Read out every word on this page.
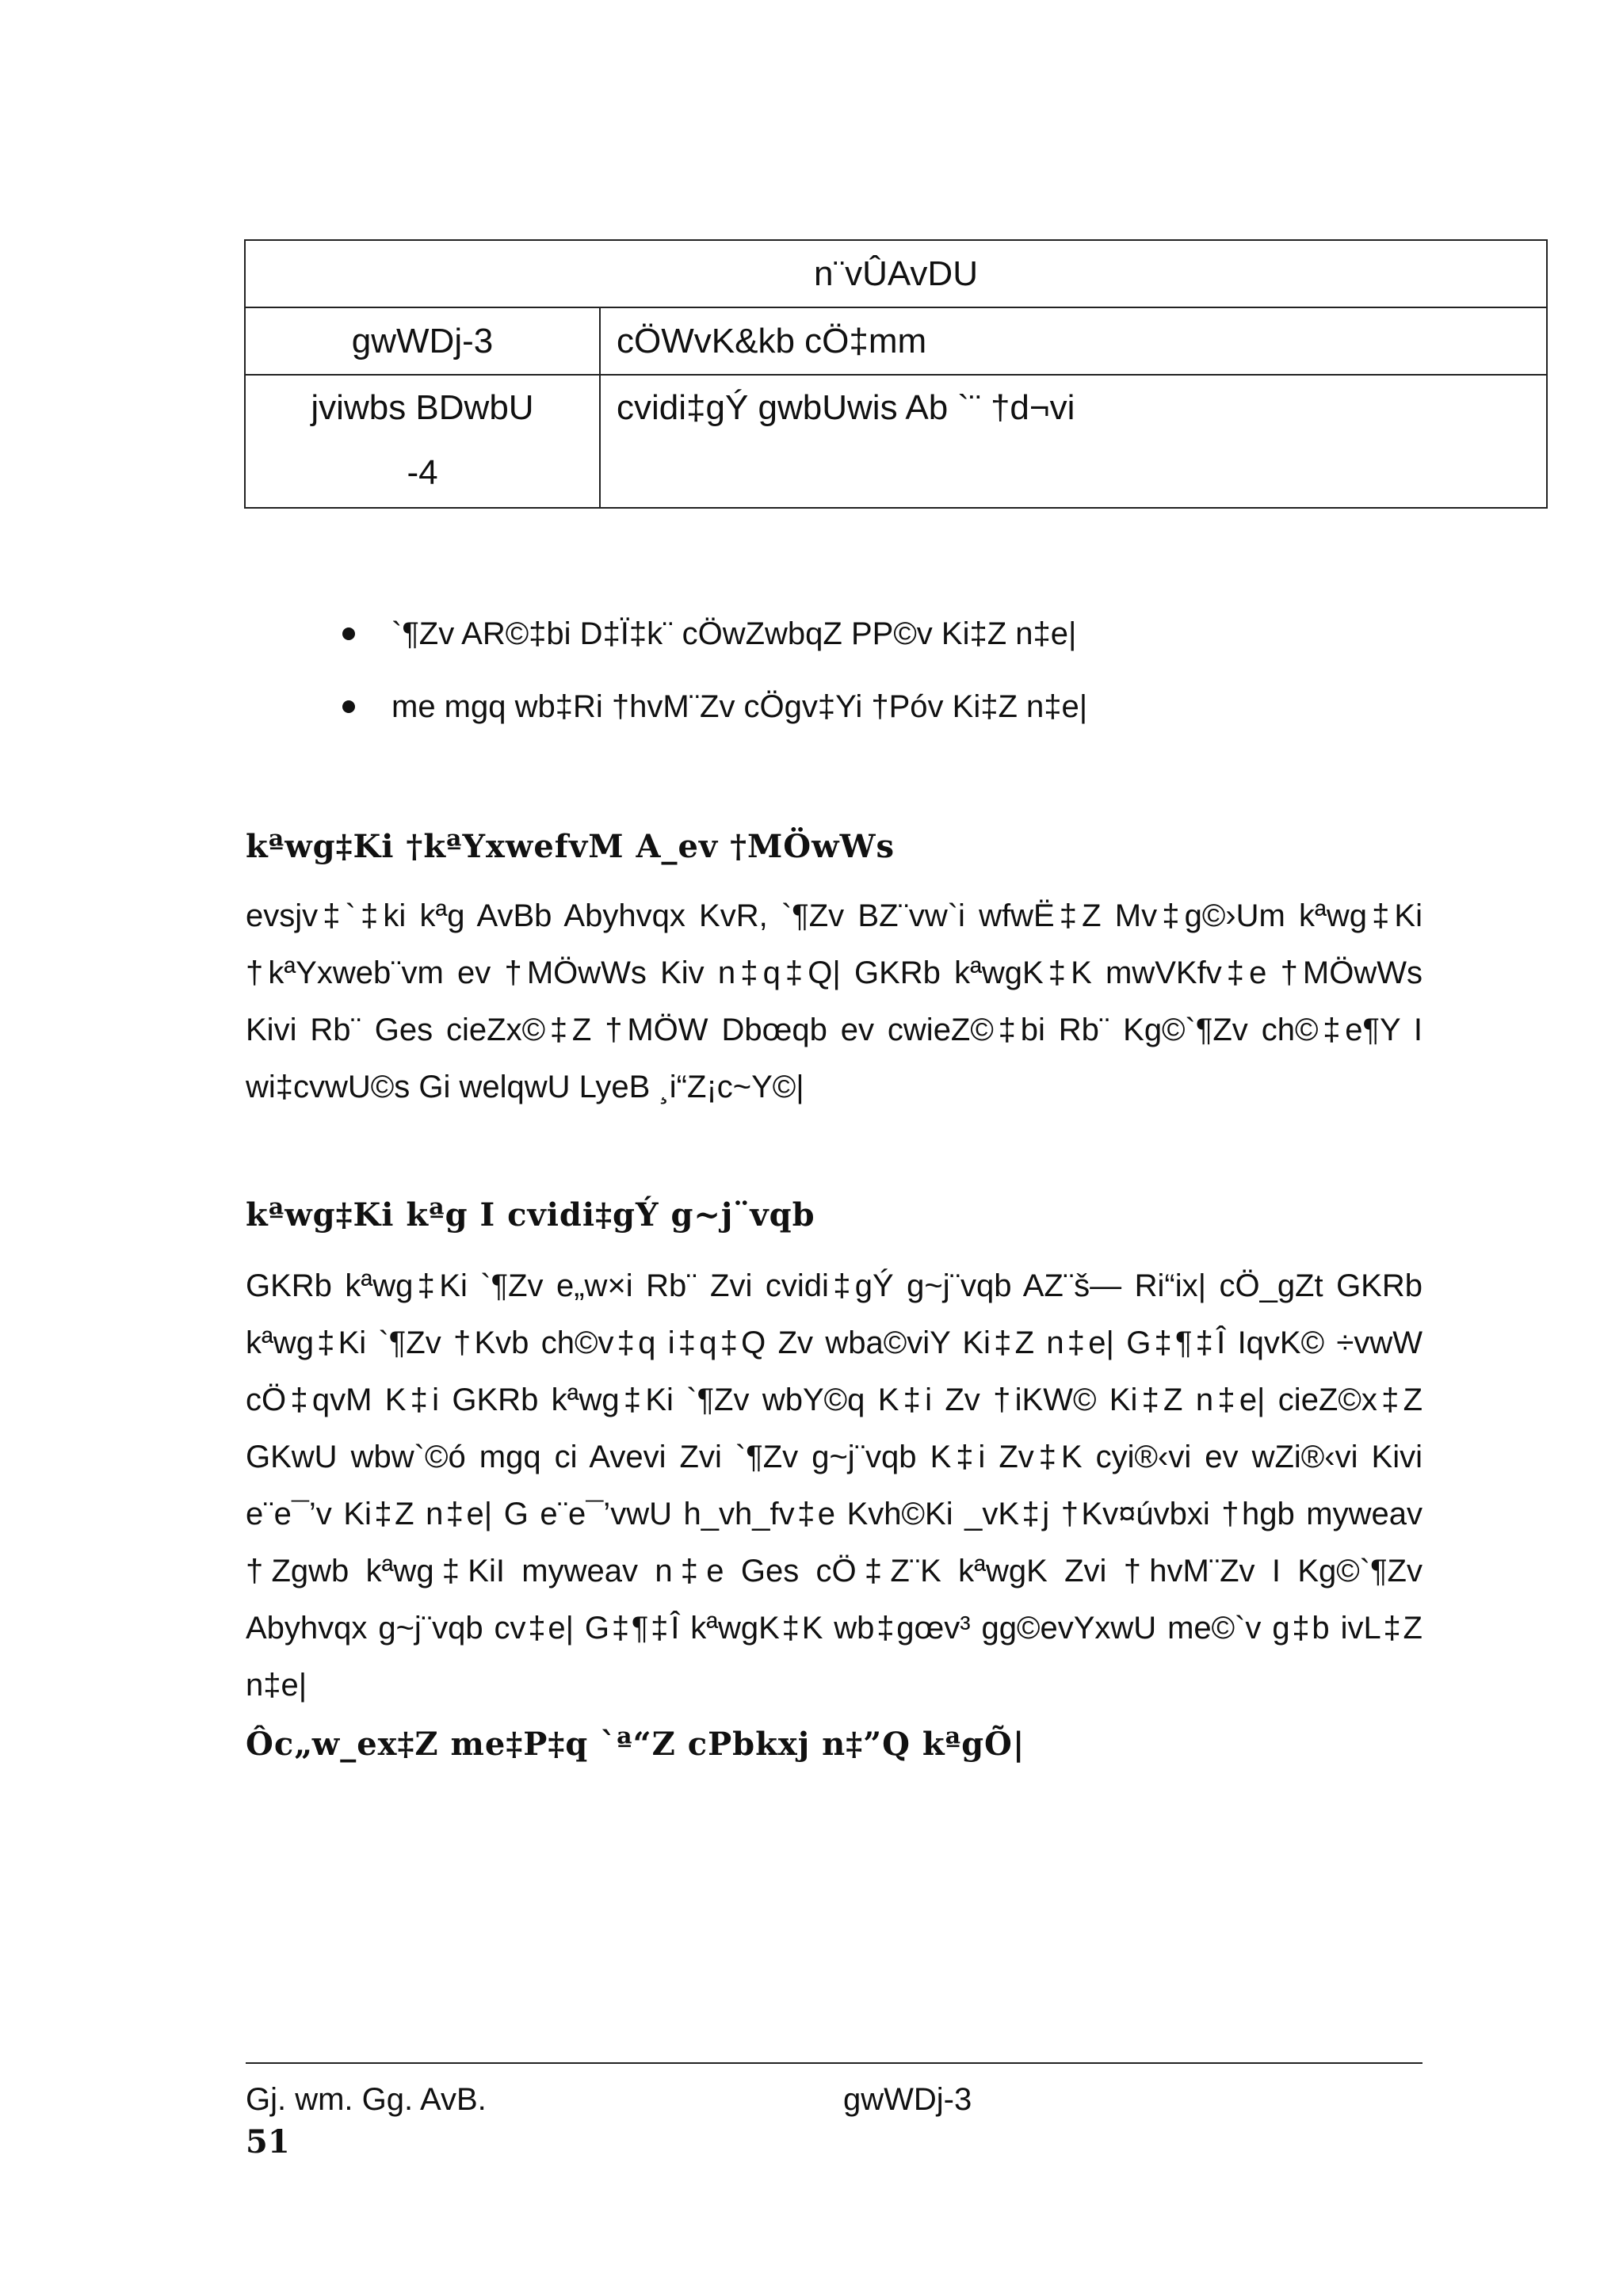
n¨vÛAvDU	
gwWDj-3	cÖWvK&kb cÖ‡mm

jviwbs BDwbU
-4	cvidi‡gÝ gwbUwis Ab `¨ †d¬vi
`¶Zv AR©‡bi D‡Ï‡k¨ cÖwZwbqZ PP©v Ki‡Z n‡e|
me mgq wb‡Ri †hvM¨Zv cÖgv‡Yi †Póv Ki‡Z n‡e|
kªwg‡Ki †kªYxwefvM A_ev †MÖwWs
evsjv‡`‡ki kªg AvBb Abyhvqx KvR, `¶Zv BZ¨vw`i wfwË‡Z Mv‡g©›Um kªwg‡Ki
†kªYxweb¨vm ev †MÖwWs Kiv n‡q‡Q| GKRb kªwgK‡K mwVKfv‡e †MÖwWs
Kivi Rb¨ Ges cieZx©‡Z †MÖW Dbœqb ev cwieZ©‡bi Rb¨ Kg©`¶Zv ch©‡e¶Y I
wi‡cvwU©s Gi welqwU LyeB ¸i“Z¡c~Y©|
kªwg‡Ki kªg I cvidi‡gÝ g~j¨vqb
GKRb kªwg‡Ki `¶Zv e„w×i Rb¨ Zvi cvidi‡gÝ g~j¨vqb AZ¨š— Ri“ix| cÖ_gZt GKRb
kªwg‡Ki `¶Zv †Kvb ch©v‡q i‡q‡Q Zv wba©viY Ki‡Z n‡e| G‡¶‡Î IqvK© ÷vwW
cÖ‡qvM K‡i GKRb kªwg‡Ki `¶Zv wbY©q K‡i Zv †iKW© Ki‡Z n‡e| cieZ©x‡Z
GKwU wbw`©ó mgq ci Avevi Zvi `¶Zv g~j¨vqb K‡i Zv‡K cyi®‹vi ev wZi®‹vi Kivi
e¨e¯’v Ki‡Z n‡e| G e¨e¯’vwU h_vh_fv‡e Kvh©Ki _vK‡j †Kv¤úvbxi †hgb myweav
†Zgwb kªwg‡KiI myweav n‡e Ges cÖ‡Z¨K kªwgK Zvi †hvM¨Zv I Kg©`¶Zv
Abyhvqx g~j¨vqb cv‡e| G‡¶‡Î kªwgK‡K wb‡gœv³ gg©evYxwU me©`v g‡b ivL‡Z
n‡e|
Ôc„w_ex‡Z me‡P‡q `ª“Z cPbkxj n‡”Q kªgÕ|
Gj. wm. Gg. AvB.	gwWDj-3
51
